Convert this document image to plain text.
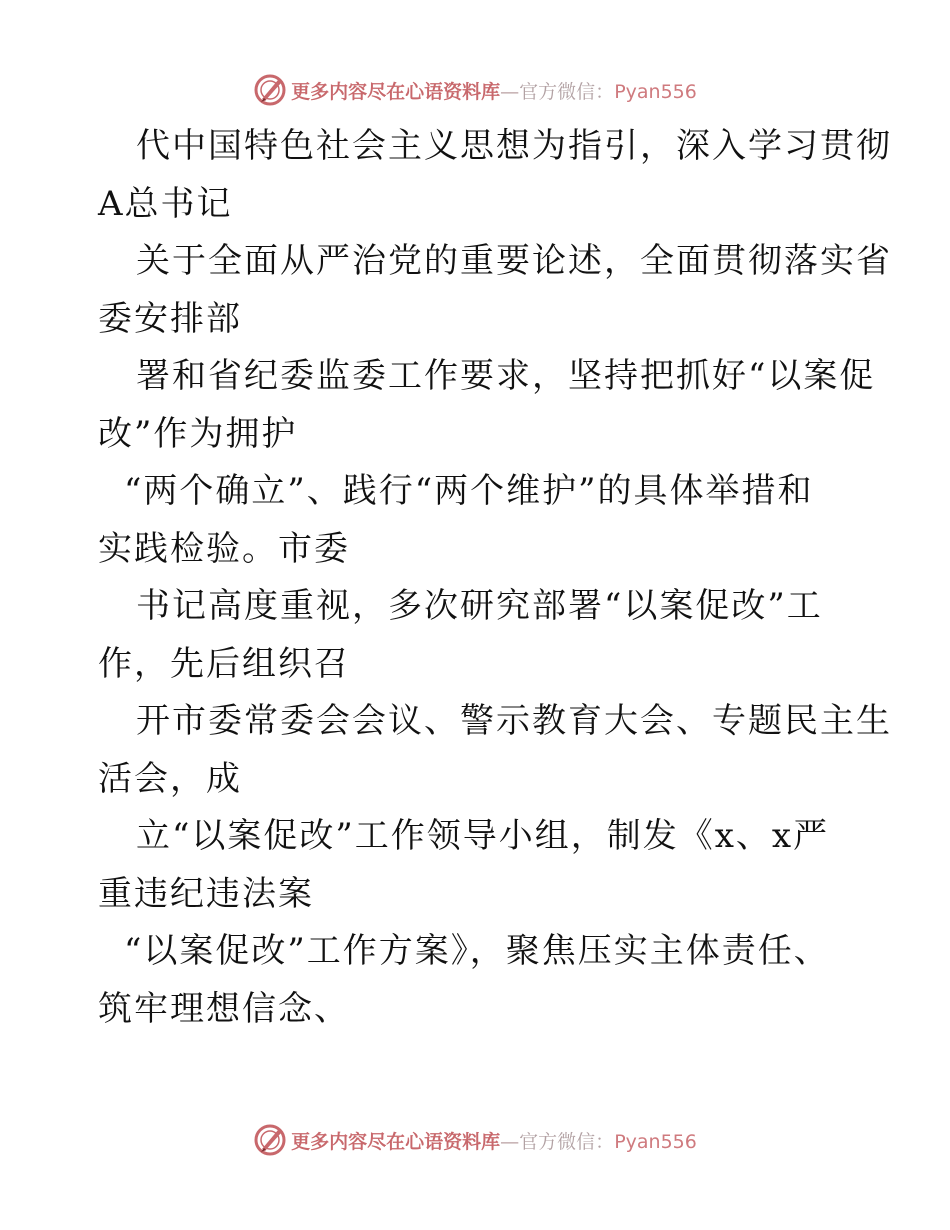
更多内容尽在心语资料库—官方微信：Pyan556

代中国特色社会主义思想为指引，深入学习贯彻

A总书记

关于全面从严治党的重要论述，全面贯彻落实省

委安排部

署和省纪委监委工作要求，坚持把抓好“以案促

改”作为拥护

“两个确立”、践行“两个维护”的具体举措和

实践检验。市委

书记高度重视，多次研究部署“以案促改”工

作，先后组织召

开市委常委会会议、警示教育大会、专题民主生

活会，成

立“以案促改”工作领导小组，制发《x、x严

重违纪违法案

“以案促改”工作方案》，聚焦压实主体责任、

筑牢理想信念、

更多内容尽在心语资料库—官方微信：Pyan556
